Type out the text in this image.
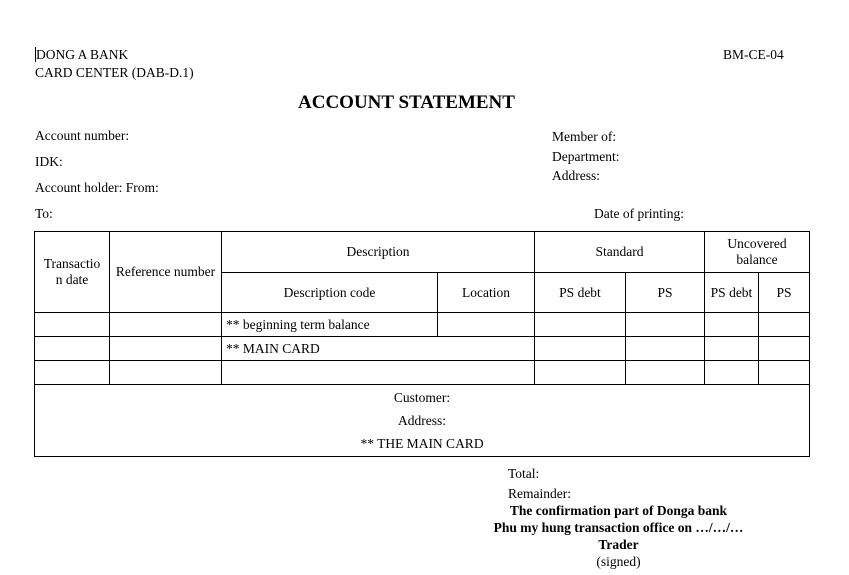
DONG A BANK
CARD CENTER (DAB-D.1)
BM-CE-04
ACCOUNT STATEMENT
Account number:
IDK:
Account holder: From:
To:
Member of:
Department:
Address:
Date of printing:
Transactio n date	Reference number	Description		Standard		Uncovered balance	
		Description code	Location	PS debt	PS	PS debt	PS
		** beginning term balance					
		** MAIN CARD					

Customer:
Address:
** THE MAIN CARD							
Total:
Remainder:
The confirmation part of Donga bank
Phu my hung transaction office on …/…/…
Trader
(signed)
